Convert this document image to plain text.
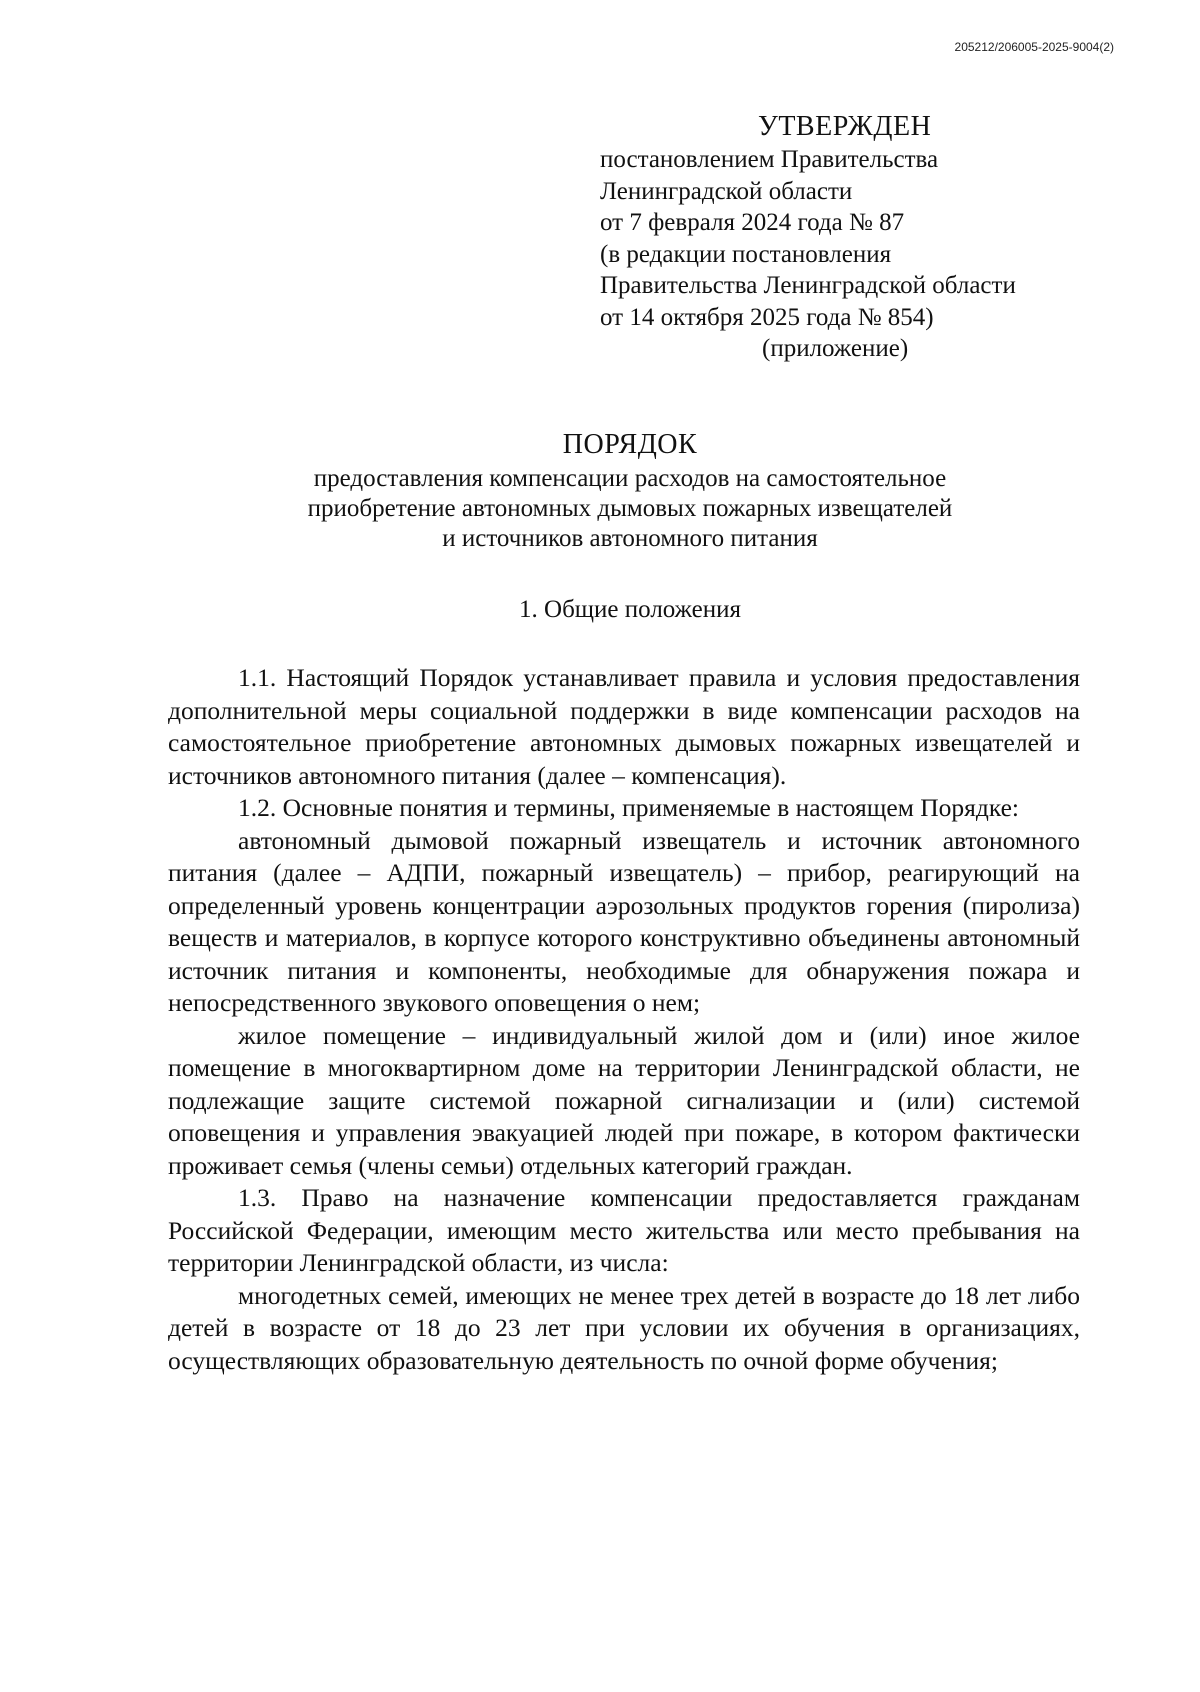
205212/206005-2025-9004(2)
УТВЕРЖДЕН
постановлением Правительства
Ленинградской области
от 7 февраля 2024 года № 87
(в редакции постановления
Правительства Ленинградской области
от 14 октября 2025 года № 854)
(приложение)
ПОРЯДОК
предоставления компенсации расходов на самостоятельное
приобретение автономных дымовых пожарных извещателей
и источников автономного питания
1. Общие положения

1.1. Настоящий Порядок устанавливает правила и условия предоставления дополнительной меры социальной поддержки в виде компенсации расходов на самостоятельное приобретение автономных дымовых пожарных извещателей и источников автономного питания (далее – компенсация).

1.2. Основные понятия и термины, применяемые в настоящем Порядке:

автономный дымовой пожарный извещатель и источник автономного питания (далее – АДПИ, пожарный извещатель) – прибор, реагирующий на определенный уровень концентрации аэрозольных продуктов горения (пиролиза) веществ и материалов, в корпусе которого конструктивно объединены автономный источник питания и компоненты, необходимые для обнаружения пожара и непосредственного звукового оповещения о нем;

жилое помещение – индивидуальный жилой дом и (или) иное жилое помещение в многоквартирном доме на территории Ленинградской области, не подлежащие защите системой пожарной сигнализации и (или) системой оповещения и управления эвакуацией людей при пожаре, в котором фактически проживает семья (члены семьи) отдельных категорий граждан.

1.3. Право на назначение компенсации предоставляется гражданам Российской Федерации, имеющим место жительства или место пребывания на территории Ленинградской области, из числа:

многодетных семей, имеющих не менее трех детей в возрасте до 18 лет либо детей в возрасте от 18 до 23 лет при условии их обучения в организациях, осуществляющих образовательную деятельность по очной форме обучения;
